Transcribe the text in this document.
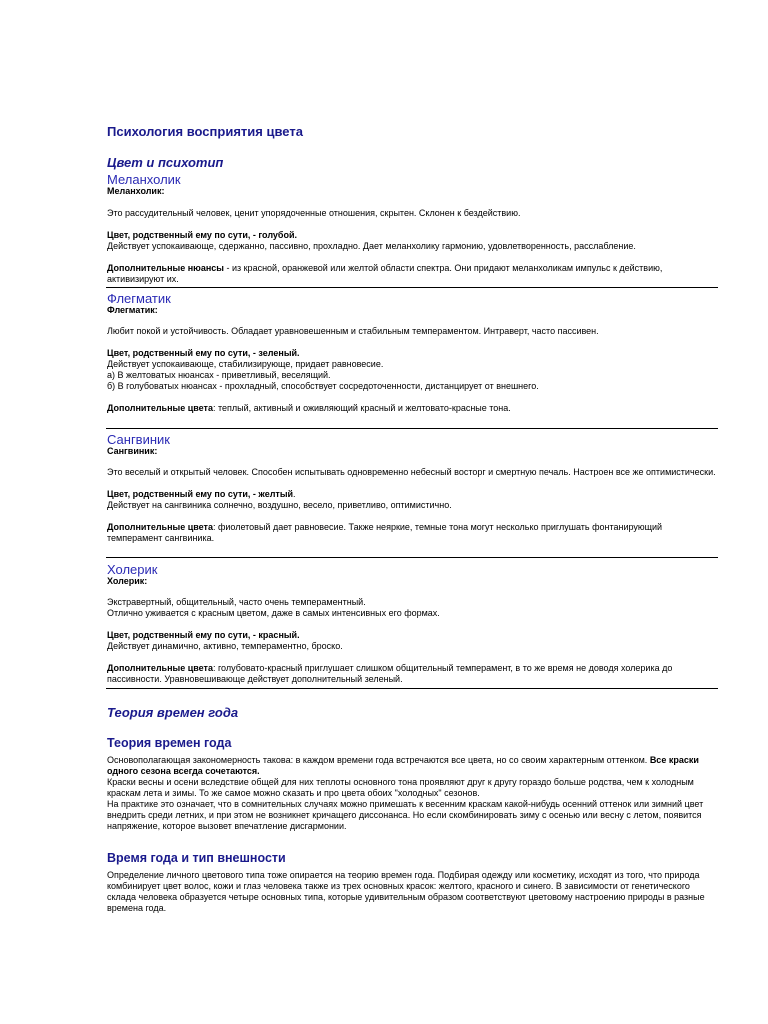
Психология восприятия цвета
Цвет и психотип
Меланхолик
Меланхолик:

Это рассудительный человек, ценит упорядоченные отношения, скрытен. Склонен к бездействию.

Цвет, родственный ему по сути, - голубой.

Действует успокаивающе, сдержанно, пассивно, прохладно. Дает меланхолику гармонию, удовлетворенность, расслабление.

Дополнительные нюансы - из красной, оранжевой или желтой области спектра. Они придают меланхоликам импульс к действию, активизируют их.

Флегматик
Флегматик:

Любит покой и устойчивость. Обладает уравновешенным и стабильным темпераментом. Интраверт, часто пассивен.

Цвет, родственный ему по сути, - зеленый.

Действует успокаивающе, стабилизирующе, придает равновесие.

а) В желтоватых нюансах - приветливый, веселящий.

б) В голубоватых нюансах - прохладный, способствует сосредоточенности, дистанцирует от внешнего.

Дополнительные цвета: теплый, активный и оживляющий красный и желтовато-красные тона.

Сангвиник
Сангвиник:

Это веселый и открытый человек. Способен испытывать одновременно небесный восторг и смертную печаль. Настроен все же оптимистически.

Цвет, родственный ему по сути, - желтый.

Действует на сангвиника солнечно, воздушно, весело, приветливо, оптимистично.

Дополнительные цвета: фиолетовый дает равновесие. Также неяркие, темные тона могут несколько приглушать фонтанирующий темперамент сангвиника.

Холерик
Холерик:

Экстравертный, общительный, часто очень темпераментный.

Отлично уживается с красным цветом, даже в самых интенсивных его формах.

Цвет, родственный ему по сути, - красный.

Действует динамично, активно, темпераментно, броско.

Дополнительные цвета: голубовато-красный приглушает слишком общительный темперамент, в то же время не доводя холерика до пассивности. Уравновешивающе действует дополнительный зеленый.

Теория времен года
Теория времен года

Основополагающая закономерность такова: в каждом времени года встречаются все цвета, но со своим характерным оттенком. Все краски одного сезона всегда сочетаются.

Краски весны и осени вследствие общей для них теплоты основного тона проявляют друг к другу гораздо больше родства, чем к холодным краскам лета и зимы. То же самое можно сказать и про цвета обоих "холодных" сезонов.

На практике это означает, что в сомнительных случаях можно примешать к весенним краскам какой-нибудь осенний оттенок или зимний цвет внедрить среди летних, и при этом не возникнет кричащего диссонанса. Но если скомбинировать зиму с осенью или весну с летом, появится напряжение, которое вызовет впечатление дисгармонии.

Время года и тип внешности

Определение личного цветового типа тоже опирается на теорию времен года. Подбирая одежду или косметику, исходят из того, что природа комбинирует цвет волос, кожи и глаз человека также из трех основных красок: желтого, красного и синего. В зависимости от генетического склада человека образуется четыре основных типа, которые удивительным образом соответствуют цветовому настроению природы в разные времена года.
